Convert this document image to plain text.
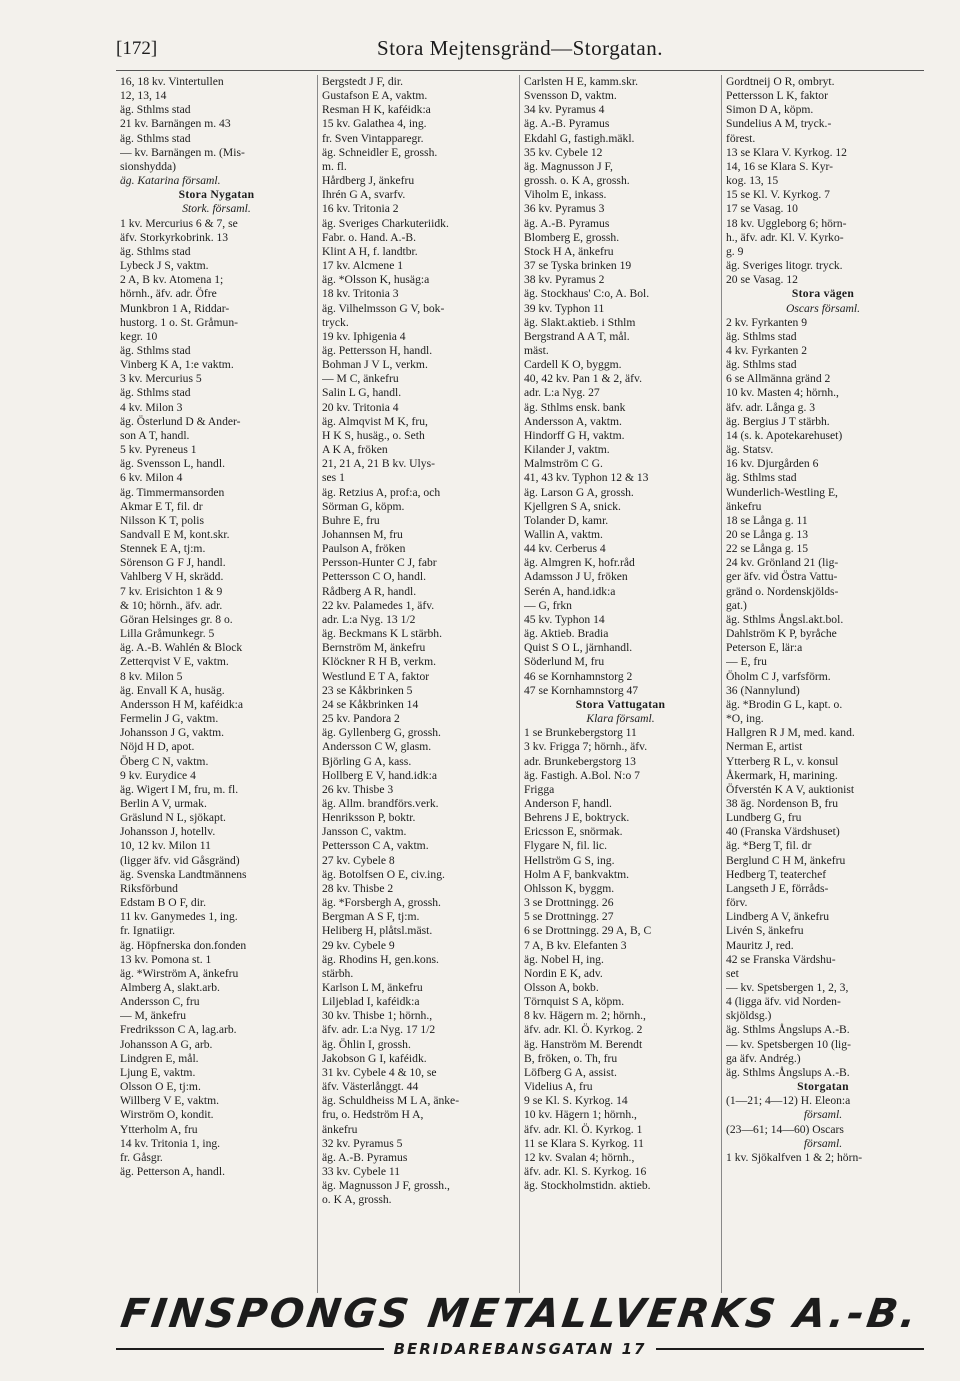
[172]	Stora Mejtensgränd—Storgatan.
16, 18 kv. Vintertullen
12, 13, 14
äg. Sthlms stad
21 kv. Barnängen m. 43
äg. Sthlms stad
— kv. Barnängen m. (Mis-
sionshydda)
äg. Katarina församl.
Stora Nygatan
Stork. församl.
1 kv. Mercurius 6 & 7, se
äfv. Storkyrkobrink. 13
äg. Sthlms stad
Lybeck J S, vaktm.
2 A, B kv. Atomena 1;
hörnh., äfv. adr. Öfre
Munkbron 1 A, Riddar-
hustorg. 1 o. St. Gråmun-
kegr. 10
äg. Sthlms stad
Vinberg K A, 1:e vaktm.
3 kv. Mercurius 5
äg. Sthlms stad
4 kv. Milon 3
äg. Österlund D & Ander-
son A T, handl.
5 kv. Pyreneus 1
äg. Svensson L, handl.
6 kv. Milon 4
äg. Timmermansorden
Akmar E T, fil. dr
Nilsson K T, polis
Sandvall E M, kont.skr.
Stennek E A, tj:m.
Sörenson G F J, handl.
Vahlberg V H, skrädd.
7 kv. Erisichton 1 & 9
& 10; hörnh., äfv. adr.
Göran Helsinges gr. 8 o.
Lilla Gråmunkegr. 5
äg. A.-B. Wahlén & Block
Zetterqvist V E, vaktm.
8 kv. Milon 5
äg. Envall K A, husäg.
Andersson H M, kaféidk:a
Fermelin J G, vaktm.
Johansson J G, vaktm.
Nöjd H D, apot.
Öberg C N, vaktm.
9 kv. Eurydice 4
äg. Wigert I M, fru, m. fl.
Berlin A V, urmak.
Gräslund N L, sjökapt.
Johansson J, hotellv.
10, 12 kv. Milon 11
(ligger äfv. vid Gåsgränd)
äg. Svenska Landtmännens
Riksförbund
Edstam B O F, dir.
11 kv. Ganymedes 1, ing.
fr. Ignatiigr.
äg. Höpfnerska don.fonden
13 kv. Pomona st. 1
äg. *Wirström A, änkefru
Almberg A, slakt.arb.
Andersson C, fru
— M, änkefru
Fredriksson C A, lag.arb.
Johansson A G, arb.
Lindgren E, mål.
Ljung E, vaktm.
Olsson O E, tj:m.
Willberg V E, vaktm.
Wirström O, kondit.
Ytterholm A, fru
14 kv. Tritonia 1, ing.
fr. Gåsgr.
äg. Petterson A, handl.
Bergstedt J F, dir.
Gustafson E A, vaktm.
Resman H K, kaféidk:a
15 kv. Galathea 4, ing.
fr. Sven Vintapparegr.
äg. Schneidler E, grossh.
m. fl.
Hårdberg J, änkefru
Ihrén G A, svarfv.
16 kv. Tritonia 2
äg. Sveriges Charkuteriidk.
Fabr. o. Hand. A.-B.
Klint A H, f. landtbr.
17 kv. Alcmene 1
äg. *Olsson K, husäg:a
18 kv. Tritonia 3
äg. Vilhelmsson G V, bok-
tryck.
19 kv. Iphigenia 4
äg. Pettersson H, handl.
Bohman J V L, verkm.
— M C, änkefru
Salin L G, handl.
20 kv. Tritonia 4
äg. Almqvist M K, fru,
H K S, husäg., o. Seth
A K A, fröken
21, 21 A, 21 B kv. Ulys-
ses 1
äg. Retzius A, prof:a, och
Sörman G, köpm.
Buhre E, fru
Johannsen M, fru
Paulson A, fröken
Persson-Hunter C J, fabr
Pettersson C O, handl.
Rådberg A R, handl.
22 kv. Palamedes 1, äfv.
adr. L:a Nyg. 13 1/2
äg. Beckmans K L stärbh.
Bernström M, änkefru
Klöckner R H B, verkm.
Westlund E T A, faktor
23 se Kåkbrinken 5
24 se Kåkbrinken 14
25 kv. Pandora 2
äg. Gyllenberg G, grossh.
Andersson C W, glasm.
Björling G A, kass.
Hollberg E V, hand.idk:a
26 kv. Thisbe 3
äg. Allm. brandförs.verk.
Henriksson P, boktr.
Jansson C, vaktm.
Pettersson C A, vaktm.
27 kv. Cybele 8
äg. Botolfsen O E, civ.ing.
28 kv. Thisbe 2
äg. *Forsbergh A, grossh.
Bergman A S F, tj:m.
Heliberg H, plåtsl.mäst.
29 kv. Cybele 9
äg. Rhodins H, gen.kons.
stärbh.
Karlson L M, änkefru
Liljeblad I, kaféidk:a
30 kv. Thisbe 1; hörnh.,
äfv. adr. L:a Nyg. 17 1/2
äg. Öhlin I, grossh.
Jakobson G I, kaféidk.
31 kv. Cybele 4 & 10, se
äfv. Västerlånggt. 44
äg. Schuldheiss M L A, änke-
fru, o. Hedström H A,
änkefru
32 kv. Pyramus 5
äg. A.-B. Pyramus
33 kv. Cybele 11
äg. Magnusson J F, grossh.,
o. K A, grossh.
Carlsten H E, kamm.skr.
Svensson D, vaktm.
34 kv. Pyramus 4
äg. A.-B. Pyramus
Ekdahl G, fastigh.mäkl.
35 kv. Cybele 12
äg. Magnusson J F,
grossh. o. K A, grossh.
Viholm E, inkass.
36 kv. Pyramus 3
äg. A.-B. Pyramus
Blomberg E, grossh.
Stock H A, änkefru
37 se Tyska brinken 19
38 kv. Pyramus 2
äg. Stockhaus' C:o, A. Bol.
39 kv. Typhon 11
äg. Slakt.aktieb. i Sthlm
Bergstrand A A T, mål.
mäst.
Cardell K O, byggm.
40, 42 kv. Pan 1 & 2, äfv.
adr. L:a Nyg. 27
äg. Sthlms ensk. bank
Andersson A, vaktm.
Hindorff G H, vaktm.
Kilander J, vaktm.
Malmström C G.
41, 43 kv. Typhon 12 & 13
äg. Larson G A, grossh.
Kjellgren S A, snick.
Tolander D, kamr.
Wallin A, vaktm.
44 kv. Cerberus 4
äg. Almgren K, hofr.råd
Adamsson J U, fröken
Serén A, hand.idk:a
— G, frkn
45 kv. Typhon 14
äg. Aktieb. Bradia
Quist S O L, järnhandl.
Söderlund M, fru
46 se Kornhamnstorg 2
47 se Kornhamnstorg 47
Stora Vattugatan
Klara församl.
1 se Brunkebergstorg 11
3 kv. Frigga 7; hörnh., äfv.
adr. Brunkebergstorg 13
äg. Fastigh. A.Bol. N:o 7
Frigga
Anderson F, handl.
Behrens J E, boktryck.
Ericsson E, snörmak.
Flygare N, fil. lic.
Hellström G S, ing.
Holm A F, bankvaktm.
Ohlsson K, byggm.
3 se Drottningg. 26
5 se Drottningg. 27
6 se Drottningg. 29 A, B, C
7 A, B kv. Elefanten 3
äg. Nobel H, ing.
Nordin E K, adv.
Olsson A, bokb.
Törnquist S A, köpm.
8 kv. Hägern m. 2; hörnh.,
äfv. adr. Kl. Ö. Kyrkog. 2
äg. Hanström M. Berendt
B, fröken, o. Th, fru
Löfberg G A, assist.
Videlius A, fru
9 se Kl. S. Kyrkog. 14
10 kv. Hägern 1; hörnh.,
äfv. adr. Kl. Ö. Kyrkog. 1
11 se Klara S. Kyrkog. 11
12 kv. Svalan 4; hörnh.,
äfv. adr. Kl. S. Kyrkog. 16
äg. Stockholmstidn. aktieb.
Gordtneij O R, ombryt.
Pettersson L K, faktor
Simon D A, köpm.
Sundelius A M, tryck.-
förest.
13 se Klara V. Kyrkog. 12
14, 16 se Klara S. Kyr-
kog. 13, 15
15 se Kl. V. Kyrkog. 7
17 se Vasag. 10
18 kv. Uggleborg 6; hörn-
h., äfv. adr. Kl. V. Kyrko-
g. 9
äg. Sveriges litogr. tryck.
20 se Vasag. 12
Stora vägen
Oscars församl.
2 kv. Fyrkanten 9
äg. Sthlms stad
4 kv. Fyrkanten 2
äg. Sthlms stad
6 se Allmänna gränd 2
10 kv. Masten 4; hörnh.,
äfv. adr. Långa g. 3
äg. Bergius J T stärbh.
14 (s. k. Apotekarehuset)
äg. Statsv.
16 kv. Djurgården 6
äg. Sthlms stad
Wunderlich-Westling E,
änkefru
18 se Långa g. 11
20 se Långa g. 13
22 se Långa g. 15
24 kv. Grönland 21 (lig-
ger äfv. vid Östra Vattu-
gränd o. Nordenskjölds-
gat.)
äg. Sthlms Ångsl.akt.bol.
Dahlström K P, byråche
Peterson E, lär:a
— E, fru
Öholm C J, varfsförm.
36 (Nannylund)
äg. *Brodin G L, kapt. o.
*O, ing.
Hallgren R J M, med. kand.
Nerman E, artist
Ytterberg R L, v. konsul
Åkermark, H, marining.
Öfverstén K A V, auktionist
38 äg. Nordenson B, fru
Lundberg G, fru
40 (Franska Värdshuset)
äg. *Berg T, fil. dr
Berglund C H M, änkefru
Hedberg T, teaterchef
Langseth J E, förråds-
förv.
Lindberg A V, änkefru
Livén S, änkefru
Mauritz J, red.
42 se Franska Värdshu-
set
— kv. Spetsbergen 1, 2, 3,
4 (ligga äfv. vid Norden-
skjöldsg.)
äg. Sthlms Ångslups A.-B.
— kv. Spetsbergen 10 (lig-
ga äfv. Andrég.)
äg. Sthlms Ångslups A.-B.
Storgatan
(1—21; 4—12) H. Eleon:a
församl.
(23—61; 14—60) Oscars
församl.
1 kv. Sjökalfven 1 & 2; hörn-
FINSPONGS METALLVERKS A.-B.
BERIDAREBANSGATAN 17
